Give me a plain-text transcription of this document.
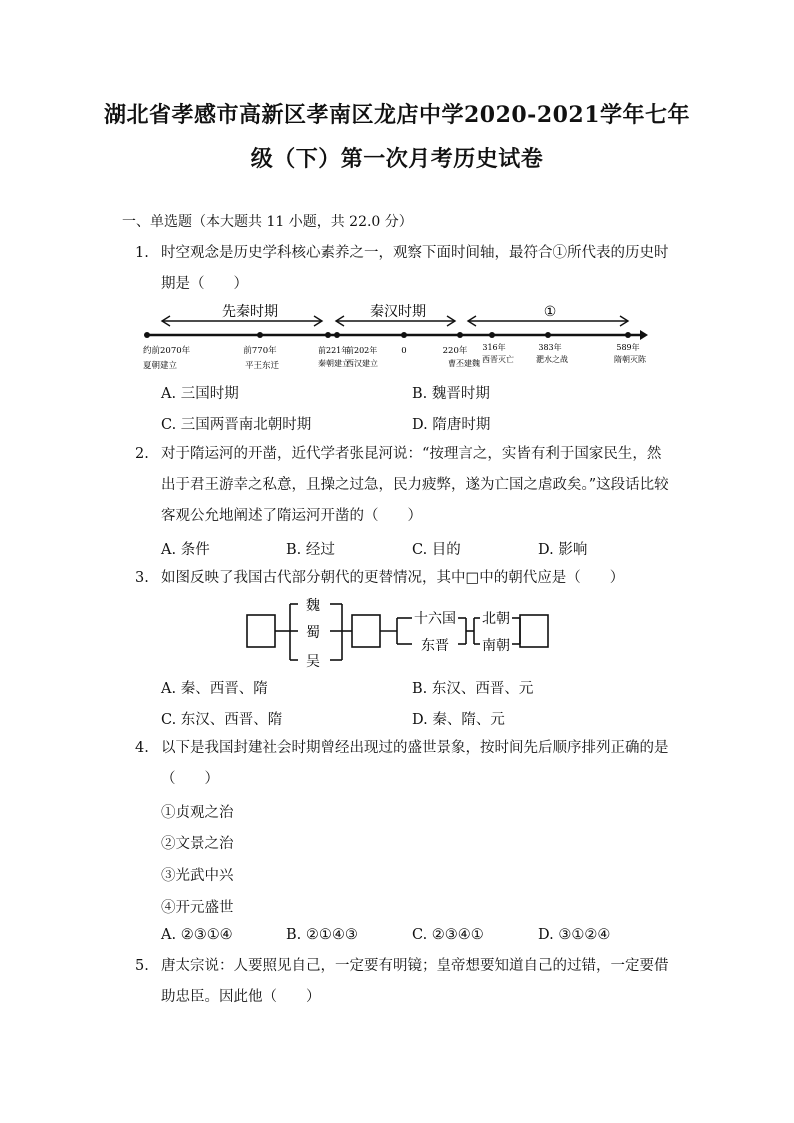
湖北省孝感市高新区孝南区龙店中学2020-2021学年七年
级（下）第一次月考历史试卷
一、单选题（本大题共 11 小题，共 22.0 分）
1. 时空观念是历史学科核心素养之一，观察下面时间轴，最符合①所代表的历史时期是（　　）
先秦时期	秦汉时期	①
约前2070年
夏朝建立
前770年
平王东迁
前221年
秦朝建立
前202年
西汉建立
0	220年
曹丕建魏
316年
西晋灭亡
383年
淝水之战
589年
隋朝灭陈
A. 三国时期	B. 魏晋时期
C. 三国两晋南北朝时期	D. 隋唐时期
2. 对于隋运河的开凿，近代学者张昆河说：“按理言之，实皆有利于国家民生，然出于君王游幸之私意，且操之过急，民力疲弊，遂为亡国之虐政矣。”这段话比较客观公允地阐述了隋运河开凿的（　　）
A. 条件	B. 经过	C. 目的	D. 影响
3. 如图反映了我国古代部分朝代的更替情况，其中□中的朝代应是（　　）
魏
蜀
吴
十六国
东晋
北朝
南朝
A. 秦、西晋、隋	B. 东汉、西晋、元
C. 东汉、西晋、隋	D. 秦、隋、元
4. 以下是我国封建社会时期曾经出现过的盛世景象，按时间先后顺序排列正确的是（　　）
①贞观之治
②文景之治
③光武中兴
④开元盛世
A. ②③①④	B. ②①④③	C. ②③④①	D. ③①②④
5. 唐太宗说：人要照见自己，一定要有明镜；皇帝想要知道自己的过错，一定要借助忠臣。因此他（　　）
